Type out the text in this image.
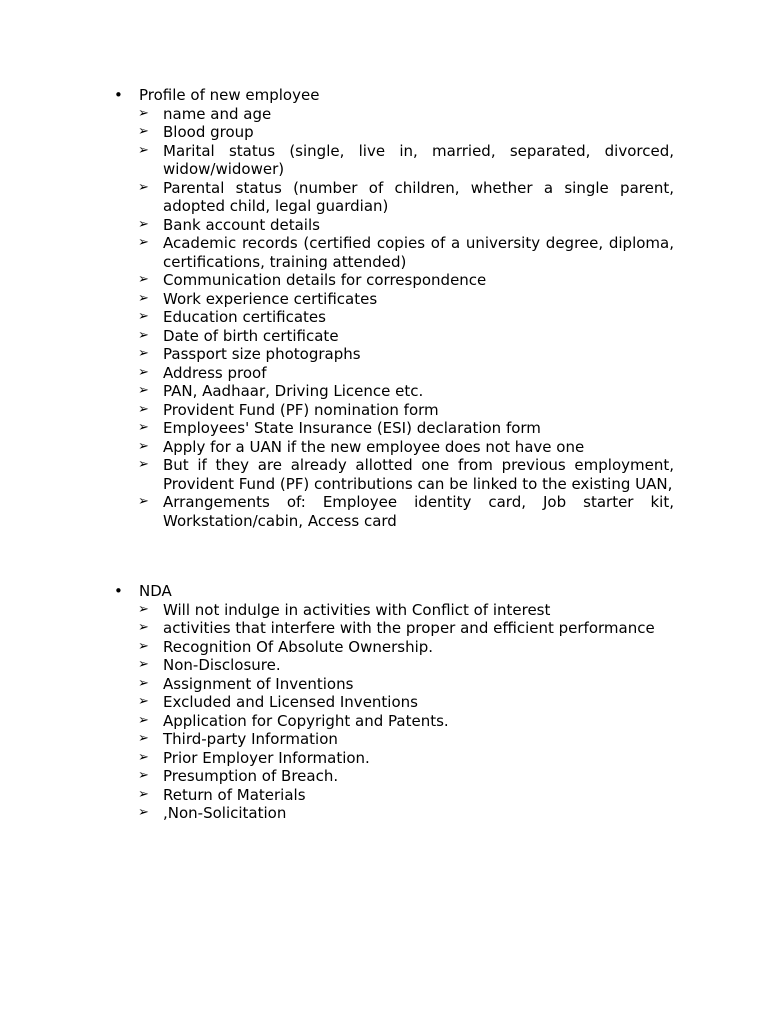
• Profile of new employee
➢ name and age
➢ Blood group
➢ Marital status (single, live in, married, separated, divorced, widow/widower)
➢ Parental status (number of children, whether a single parent, adopted child, legal guardian)
➢ Bank account details
➢ Academic records (certified copies of a university degree, diploma, certifications, training attended)
➢ Communication details for correspondence
➢ Work experience certificates
➢ Education certificates
➢ Date of birth certificate
➢ Passport size photographs
➢ Address proof
➢ PAN, Aadhaar, Driving Licence etc.
➢ Provident Fund (PF) nomination form
➢ Employees' State Insurance (ESI) declaration form
➢ Apply for a UAN if the new employee does not have one
➢ But if they are already allotted one from previous employment, Provident Fund (PF) contributions can be linked to the existing UAN,
➢ Arrangements of: Employee identity card, Job starter kit, Workstation/cabin, Access card
• NDA
➢ Will not indulge in activities with Conflict of interest
➢ activities that interfere with the proper and efficient performance
➢ Recognition Of Absolute Ownership.
➢ Non-Disclosure.
➢ Assignment of Inventions
➢ Excluded and Licensed Inventions
➢ Application for Copyright and Patents.
➢ Third-party Information
➢ Prior Employer Information.
➢ Presumption of Breach.
➢ Return of Materials
➢ ,Non-Solicitation
